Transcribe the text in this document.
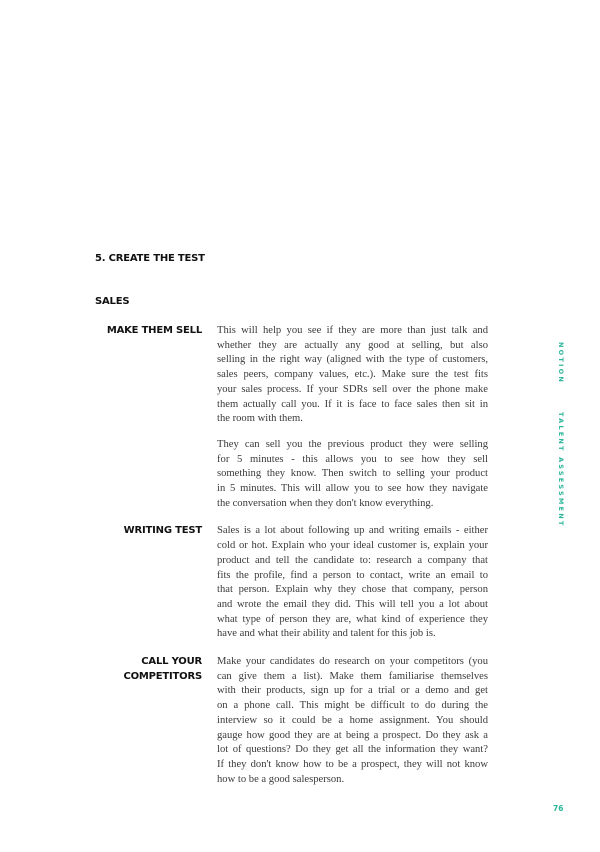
5. CREATE THE TEST
SALES
MAKE THEM SELL This will help you see if they are more than just talk and
whether they are actually any good at selling, but also
selling in the right way (aligned with the type of customers,
sales peers, company values, etc.). Make sure the test fits
your sales process. If your SDRs sell over the phone make
them actually call you. If it is face to face sales then sit in
the room with them.
They can sell you the previous product they were selling
for 5 minutes - this allows you to see how they sell
something they know. Then switch to selling your product
in 5 minutes. This will allow you to see how they navigate
the conversation when they don't know everything.
WRITING TEST Sales is a lot about following up and writing emails - either
cold or hot. Explain who your ideal customer is, explain your
product and tell the candidate to: research a company that
fits the profile, find a person to contact, write an email to
that person. Explain why they chose that company, person
and wrote the email they did. This will tell you a lot about
what type of person they are, what kind of experience they
have and what their ability and talent for this job is.
CALL YOUR
COMPETITORS
Make your candidates do research on your competitors (you
can give them a list). Make them familiarise themselves
with their products, sign up for a trial or a demo and get
on a phone call. This might be difficult to do during the
interview so it could be a home assignment. You should
gauge how good they are at being a prospect. Do they ask a
lot of questions? Do they get all the information they want?
If they don't know how to be a prospect, they will not know
how to be a good salesperson.
NOTION
TALENT ASSESSMENT
76
